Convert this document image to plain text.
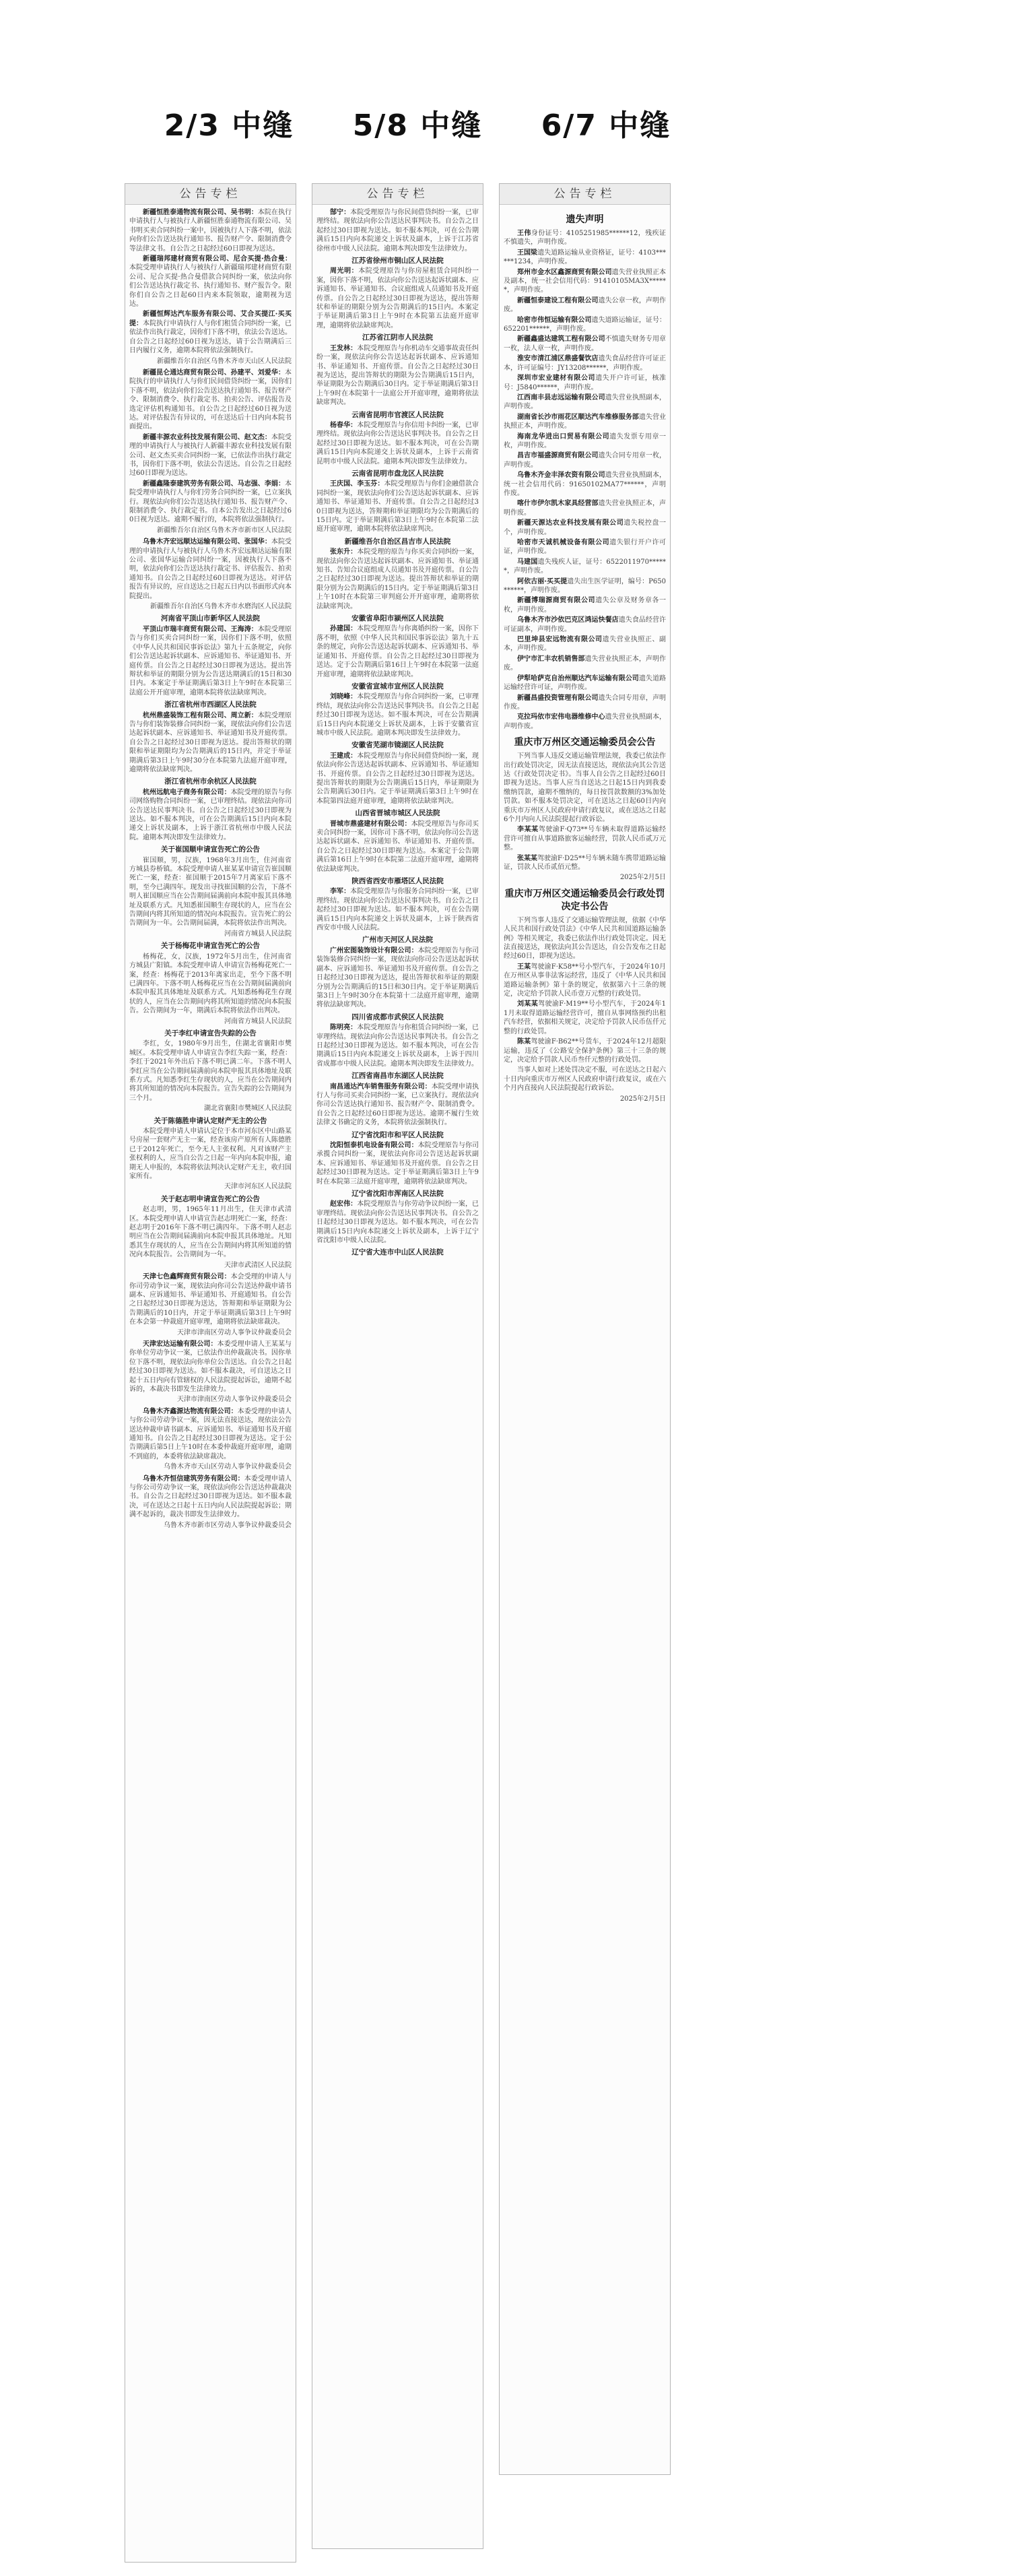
2/3 中缝	5/8 中缝	6/7 中缝
公告专栏

新疆恒胜泰通物流有限公司、吴书明：本院在执行申请执行人与被执行人新疆恒胜泰通物流有限公司、吴书明买卖合同纠纷一案中，因被执行人下落不明，依法向你们公告送达执行通知书、报告财产令、限制消费令等法律文书。自公告之日起经过60日即视为送达。

新疆瑞邦建材商贸有限公司、尼合买提·热合曼：本院受理申请执行人与被执行人新疆瑞邦建材商贸有限公司、尼合买提·热合曼借款合同纠纷一案，依法向你们公告送达执行裁定书、执行通知书、财产报告令。限你们自公告之日起60日内来本院领取，逾期视为送达。

新疆恒辉达汽车服务有限公司、艾合买提江·买买提：本院执行申请执行人与你们租赁合同纠纷一案，已依法作出执行裁定，因你们下落不明，依法公告送达。自公告之日起经过60日视为送达，请于公告期满后三日内履行义务，逾期本院将依法强制执行。

新疆维吾尔自治区乌鲁木齐市天山区人民法院

新疆昆仑通达商贸有限公司、孙建平、刘爱华：本院执行的申请执行人与你们民间借贷纠纷一案，因你们下落不明，依法向你们公告送达执行通知书、报告财产令、限制消费令、执行裁定书、拍卖公告、评估报告及选定评估机构通知书。自公告之日起经过60日视为送达。对评估报告有异议的，可在送达后十日内向本院书面提出。

新疆丰源农业科技发展有限公司、赵文杰：本院受理的申请执行人与被执行人新疆丰源农业科技发展有限公司、赵文杰买卖合同纠纷一案，已依法作出执行裁定书，因你们下落不明，依法公告送达。自公告之日起经过60日即视为送达。

新疆鑫隆泰建筑劳务有限公司、马志强、李娟：本院受理申请执行人与你们劳务合同纠纷一案，已立案执行。现依法向你们公告送达执行通知书、报告财产令、限制消费令、执行裁定书。自本公告发出之日起经过60日视为送达。逾期不履行的，本院将依法强制执行。

新疆维吾尔自治区乌鲁木齐市新市区人民法院

乌鲁木齐宏远顺达运输有限公司、张国华：本院受理的申请执行人与被执行人乌鲁木齐宏远顺达运输有限公司、张国华运输合同纠纷一案，因被执行人下落不明，依法向你们公告送达执行裁定书、评估报告、拍卖通知书。自公告之日起经过60日即视为送达。对评估报告有异议的，应自送达之日起五日内以书面形式向本院提出。

新疆维吾尔自治区乌鲁木齐市水磨沟区人民法院

河南省平顶山市新华区人民法院

平顶山市瑞丰商贸有限公司、王海涛：本院受理原告与你们买卖合同纠纷一案，因你们下落不明，依照《中华人民共和国民事诉讼法》第九十五条规定，向你们公告送达起诉状副本、应诉通知书、举证通知书、开庭传票。自公告之日起经过30日即视为送达。提出答辩状和举证的期限分别为公告送达期满后的15日和30日内。本案定于举证期满后第3日上午9时在本院第三法庭公开开庭审理，逾期本院将依法缺席判决。

浙江省杭州市西湖区人民法院

杭州鼎盛装饰工程有限公司、周立新：本院受理原告与你们装饰装修合同纠纷一案，现依法向你们公告送达起诉状副本、应诉通知书、举证通知书及开庭传票。自公告之日起经过30日即视为送达。提出答辩状的期限和举证期限均为公告期满后的15日内，并定于举证期满后第3日上午9时30分在本院第九法庭开庭审理，逾期将依法缺席判决。

浙江省杭州市余杭区人民法院

杭州远航电子商务有限公司：本院受理的原告与你司网络购物合同纠纷一案，已审理终结。现依法向你司公告送达民事判决书。自公告之日起经过30日即视为送达。如不服本判决，可在公告期满后15日内向本院递交上诉状及副本，上诉于浙江省杭州市中级人民法院。逾期本判决即发生法律效力。

关于崔国顺申请宣告死亡的公告

崔国顺，男，汉族，1968年3月出生，住河南省方城县券桥镇。本院受理申请人崔某某申请宣告崔国顺死亡一案，经查：崔国顺于2015年7月离家后下落不明，至今已满四年。现发出寻找崔国顺的公告，下落不明人崔国顺应当在公告期间届满前向本院申报其具体地址及联系方式。凡知悉崔国顺生存现状的人，应当在公告期间内将其所知道的情况向本院报告。宣告死亡的公告期间为一年。公告期间届满，本院将依法作出判决。

河南省方城县人民法院

关于杨梅花申请宣告死亡的公告

杨梅花，女，汉族，1972年5月出生，住河南省方城县广阳镇。本院受理申请人申请宣告杨梅花死亡一案，经查：杨梅花于2013年离家出走，至今下落不明已满四年。下落不明人杨梅花应当在公告期间届满前向本院申报其具体地址及联系方式。凡知悉杨梅花生存现状的人，应当在公告期间内将其所知道的情况向本院报告。公告期间为一年，期满后本院将依法作出判决。

河南省方城县人民法院

关于李红申请宣告失踪的公告

李红，女，1980年9月出生，住湖北省襄阳市樊城区。本院受理申请人申请宣告李红失踪一案，经查：李红于2021年外出后下落不明已满二年。下落不明人李红应当在公告期间届满前向本院申报其具体地址及联系方式。凡知悉李红生存现状的人，应当在公告期间内将其所知道的情况向本院报告。宣告失踪的公告期间为三个月。

湖北省襄阳市樊城区人民法院

关于陈德胜申请认定财产无主的公告

本院受理申请人申请认定位于本市河东区中山路某号房屋一套财产无主一案，经查该房产原所有人陈德胜已于2012年死亡，至今无人主张权利。凡对该财产主张权利的人，应当自公告之日起一年内向本院申报，逾期无人申报的，本院将依法判决认定财产无主，收归国家所有。

天津市河东区人民法院

关于赵志明申请宣告死亡的公告

赵志明，男，1965年11月出生，住天津市武清区。本院受理申请人申请宣告赵志明死亡一案，经查：赵志明于2016年下落不明已满四年。下落不明人赵志明应当在公告期间届满前向本院申报其具体地址。凡知悉其生存现状的人，应当在公告期间内将其所知道的情况向本院报告。公告期间为一年。

天津市武清区人民法院

天津七色鑫辉商贸有限公司：本会受理的申请人与你司劳动争议一案，现依法向你司公告送达仲裁申请书副本、应诉通知书、举证通知书、开庭通知书。自公告之日起经过30日即视为送达，答辩期和举证期限为公告期满后的10日内，并定于举证期满后第3日上午9时在本会第一仲裁庭开庭审理，逾期将依法缺席裁决。

天津市津南区劳动人事争议仲裁委员会

天津宏达运输有限公司：本委受理申请人王某某与你单位劳动争议一案，已依法作出仲裁裁决书。因你单位下落不明，现依法向你单位公告送达。自公告之日起经过30日即视为送达。如不服本裁决，可自送达之日起十五日内向有管辖权的人民法院提起诉讼，逾期不起诉的，本裁决书即发生法律效力。

天津市津南区劳动人事争议仲裁委员会

乌鲁木齐鑫源达物流有限公司：本委受理的申请人与你公司劳动争议一案，因无法直接送达，现依法公告送达仲裁申请书副本、应诉通知书、举证通知书及开庭通知书。自公告之日起经过30日即视为送达。定于公告期满后第5日上午10时在本委仲裁庭开庭审理，逾期不到庭的，本委将依法缺席裁决。

乌鲁木齐市天山区劳动人事争议仲裁委员会

乌鲁木齐恒信建筑劳务有限公司：本委受理申请人与你公司劳动争议一案，现依法向你公告送达仲裁裁决书。自公告之日起经过30日即视为送达。如不服本裁决，可在送达之日起十五日内向人民法院提起诉讼；期满不起诉的，裁决书即发生法律效力。

乌鲁木齐市新市区劳动人事争议仲裁委员会

公告专栏

郜宁：本院受理原告与你民间借贷纠纷一案，已审理终结。现依法向你公告送达民事判决书。自公告之日起经过30日即视为送达。如不服本判决，可在公告期满后15日内向本院递交上诉状及副本，上诉于江苏省徐州市中级人民法院。逾期本判决即发生法律效力。

江苏省徐州市铜山区人民法院

周光明：本院受理原告与你房屋租赁合同纠纷一案，因你下落不明，依法向你公告送达起诉状副本、应诉通知书、举证通知书、合议庭组成人员通知书及开庭传票。自公告之日起经过30日即视为送达，提出答辩状和举证的期限分别为公告期满后的15日内。本案定于举证期满后第3日上午9时在本院第五法庭开庭审理，逾期将依法缺席判决。

江苏省江阴市人民法院

王发林：本院受理原告与你机动车交通事故责任纠纷一案，现依法向你公告送达起诉状副本、应诉通知书、举证通知书、开庭传票。自公告之日起经过30日视为送达，提出答辩状的期限为公告期满后15日内，举证期限为公告期满后30日内。定于举证期满后第3日上午9时在本院第十一法庭公开开庭审理，逾期将依法缺席判决。

云南省昆明市官渡区人民法院

杨春华：本院受理原告与你信用卡纠纷一案，已审理终结。现依法向你公告送达民事判决书。自公告之日起经过30日即视为送达。如不服本判决，可在公告期满后15日内向本院递交上诉状及副本，上诉于云南省昆明市中级人民法院。逾期本判决即发生法律效力。

云南省昆明市盘龙区人民法院

王庆国、李玉芬：本院受理原告与你们金融借款合同纠纷一案，现依法向你们公告送达起诉状副本、应诉通知书、举证通知书、开庭传票。自公告之日起经过30日即视为送达，答辩期和举证期限均为公告期满后的15日内。定于举证期满后第3日上午9时在本院第二法庭开庭审理，逾期本院将依法缺席判决。

新疆维吾尔自治区昌吉市人民法院

张东升：本院受理的原告与你买卖合同纠纷一案，现依法向你公告送达起诉状副本、应诉通知书、举证通知书、告知合议庭组成人员通知书及开庭传票。自公告之日起经过30日即视为送达。提出答辩状和举证的期限分别为公告期满后的15日内。定于举证期满后第3日上午10时在本院第三审判庭公开开庭审理，逾期将依法缺席判决。

安徽省阜阳市颍州区人民法院

孙建国：本院受理原告与你离婚纠纷一案，因你下落不明，依照《中华人民共和国民事诉讼法》第九十五条的规定，向你公告送达起诉状副本、应诉通知书、举证通知书、开庭传票。自公告之日起经过30日即视为送达。定于公告期满后第16日上午9时在本院第一法庭开庭审理，逾期将依法缺席判决。

安徽省宣城市宣州区人民法院

刘晓峰：本院受理原告与你合同纠纷一案，已审理终结，现依法向你公告送达民事判决书。自公告之日起经过30日即视为送达。如不服本判决，可在公告期满后15日内向本院递交上诉状及副本，上诉于安徽省宣城市中级人民法院。逾期本判决即发生法律效力。

安徽省芜湖市镜湖区人民法院

王建成：本院受理原告与你民间借贷纠纷一案，现依法向你公告送达起诉状副本、应诉通知书、举证通知书、开庭传票。自公告之日起经过30日即视为送达。提出答辩状的期限为公告期满后15日内，举证期限为公告期满后30日内。定于举证期满后第3日上午9时在本院第四法庭开庭审理，逾期将依法缺席判决。

山西省晋城市城区人民法院

晋城市鼎盛建材有限公司：本院受理原告与你司买卖合同纠纷一案，因你司下落不明，依法向你司公告送达起诉状副本、应诉通知书、举证通知书、开庭传票。自公告之日起经过30日即视为送达。本案定于公告期满后第16日上午9时在本院第二法庭开庭审理，逾期将依法缺席判决。

陕西省西安市雁塔区人民法院

李军：本院受理原告与你服务合同纠纷一案，已审理终结。现依法向你公告送达民事判决书。自公告之日起经过30日即视为送达。如不服本判决，可在公告期满后15日内向本院递交上诉状及副本，上诉于陕西省西安市中级人民法院。

广州市天河区人民法院

广州宏图装饰设计有限公司：本院受理原告与你司装饰装修合同纠纷一案，现依法向你司公告送达起诉状副本、应诉通知书、举证通知书及开庭传票。自公告之日起经过30日即视为送达，提出答辩状和举证的期限分别为公告期满后的15日和30日内。定于举证期满后第3日上午9时30分在本院第十二法庭开庭审理，逾期将依法缺席判决。

四川省成都市武侯区人民法院

陈明亮：本院受理原告与你租赁合同纠纷一案，已审理终结。现依法向你公告送达民事判决书。自公告之日起经过30日即视为送达。如不服本判决，可在公告期满后15日内向本院递交上诉状及副本，上诉于四川省成都市中级人民法院。逾期本判决即发生法律效力。

江西省南昌市东湖区人民法院

南昌通达汽车销售服务有限公司：本院受理申请执行人与你司买卖合同纠纷一案，已立案执行。现依法向你司公告送达执行通知书、报告财产令、限制消费令。自公告之日起经过60日即视为送达。逾期不履行生效法律文书确定的义务，本院将依法强制执行。

辽宁省沈阳市和平区人民法院

沈阳恒泰机电设备有限公司：本院受理原告与你司承揽合同纠纷一案，现依法向你司公告送达起诉状副本、应诉通知书、举证通知书及开庭传票。自公告之日起经过30日即视为送达。定于举证期满后第3日上午9时在本院第三法庭开庭审理，逾期将依法缺席判决。

辽宁省沈阳市浑南区人民法院

赵宏伟：本院受理原告与你劳动争议纠纷一案，已审理终结。现依法向你公告送达民事判决书。自公告之日起经过30日即视为送达。如不服本判决，可在公告期满后15日内向本院递交上诉状及副本，上诉于辽宁省沈阳市中级人民法院。

辽宁省大连市中山区人民法院

公告专栏

遗失声明

王伟身份证号：4105251985******12，残疾证不慎遗失，声明作废。

王国梁遗失道路运输从业资格证，证号：4103******1234，声明作废。

郑州市金水区鑫源商贸有限公司遗失营业执照正本及副本，统一社会信用代码：91410105MA3X******，声明作废。

新疆恒泰建设工程有限公司遗失公章一枚，声明作废。

哈密市伟恒运输有限公司遗失道路运输证，证号：652201******，声明作废。

新疆鑫盛达建筑工程有限公司不慎遗失财务专用章一枚，法人章一枚，声明作废。

淮安市清江浦区鼎盛餐饮店遗失食品经营许可证正本，许可证编号：JY13208******，声明作废。

深圳市宏业建材有限公司遗失开户许可证，核准号：J5840******，声明作废。

江西南丰县志远运输有限公司遗失营业执照副本，声明作废。

湖南省长沙市雨花区顺达汽车维修服务部遗失营业执照正本，声明作废。

海南龙华进出口贸易有限公司遗失发票专用章一枚，声明作废。

昌吉市福盛源商贸有限公司遗失合同专用章一枚，声明作废。

乌鲁木齐金丰泽农资有限公司遗失营业执照副本，统一社会信用代码：91650102MA77******，声明作废。

喀什市伊尔凯木家具经营部遗失营业执照正本，声明作废。

新疆天源达农业科技发展有限公司遗失税控盘一个，声明作废。

哈密市天诚机械设备有限公司遗失银行开户许可证，声明作废。

马建国遗失残疾人证，证号：6522011970******，声明作废。

阿依古丽·买买提遗失出生医学证明，编号：P650******，声明作废。

新疆博瑞源商贸有限公司遗失公章及财务章各一枚，声明作废。

乌鲁木齐市沙依巴克区鸿运快餐店遗失食品经营许可证副本，声明作废。

巴里坤县宏远物流有限公司遗失营业执照正、副本，声明作废。

伊宁市汇丰农机销售部遗失营业执照正本，声明作废。

伊犁哈萨克自治州顺达汽车运输有限公司遗失道路运输经营许可证，声明作废。

新疆昌盛投资管理有限公司遗失合同专用章，声明作废。

克拉玛依市宏伟电器维修中心遗失营业执照副本，声明作废。

重庆市万州区交通运输委员会公告

下列当事人违反交通运输管理法规，我委已依法作出行政处罚决定，因无法直接送达，现依法向其公告送达《行政处罚决定书》。当事人自公告之日起经过60日即视为送达。当事人应当自送达之日起15日内到我委缴纳罚款，逾期不缴纳的，每日按罚款数额的3%加处罚款。如不服本处罚决定，可在送达之日起60日内向重庆市万州区人民政府申请行政复议，或在送达之日起6个月内向人民法院提起行政诉讼。

李某某驾驶渝F·Q73**号车辆未取得道路运输经营许可擅自从事道路旅客运输经营，罚款人民币贰万元整。

张某某驾驶渝F·D25**号车辆未随车携带道路运输证，罚款人民币贰佰元整。

2025年2月5日

重庆市万州区交通运输委员会行政处罚决定书公告

下列当事人违反了交通运输管理法规，依据《中华人民共和国行政处罚法》《中华人民共和国道路运输条例》等相关规定，我委已依法作出行政处罚决定。因无法直接送达，现依法向其公告送达，自公告发布之日起经过60日，即视为送达。

王某驾驶渝F·K58**号小型汽车，于2024年10月在万州区从事非法客运经营，违反了《中华人民共和国道路运输条例》第十条的规定，依据第六十三条的规定，决定给予罚款人民币壹万元整的行政处罚。

刘某某驾驶渝F·M19**号小型汽车，于2024年11月未取得道路运输经营许可，擅自从事网络预约出租汽车经营，依据相关规定，决定给予罚款人民币伍仟元整的行政处罚。

陈某驾驶渝F·B62**号货车，于2024年12月超限运输，违反了《公路安全保护条例》第三十三条的规定，决定给予罚款人民币叁仟元整的行政处罚。

当事人如对上述处罚决定不服，可在送达之日起六十日内向重庆市万州区人民政府申请行政复议，或在六个月内直接向人民法院提起行政诉讼。

2025年2月5日
